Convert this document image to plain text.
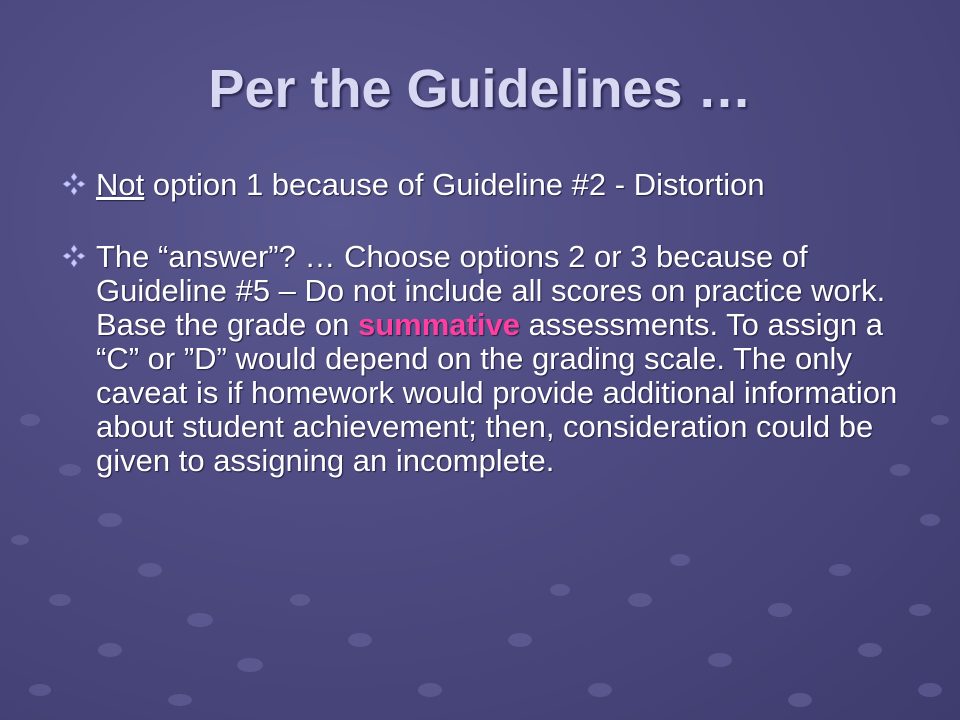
Per the Guidelines …
Not option 1 because of Guideline #2 - Distortion
The “answer”? … Choose options 2 or 3 because of Guideline #5 – Do not include all scores on practice work. Base the grade on summative assessments. To assign a “C” or ”D” would depend on the grading scale. The only caveat is if homework would provide additional information about student achievement; then, consideration could be given to assigning an incomplete.
